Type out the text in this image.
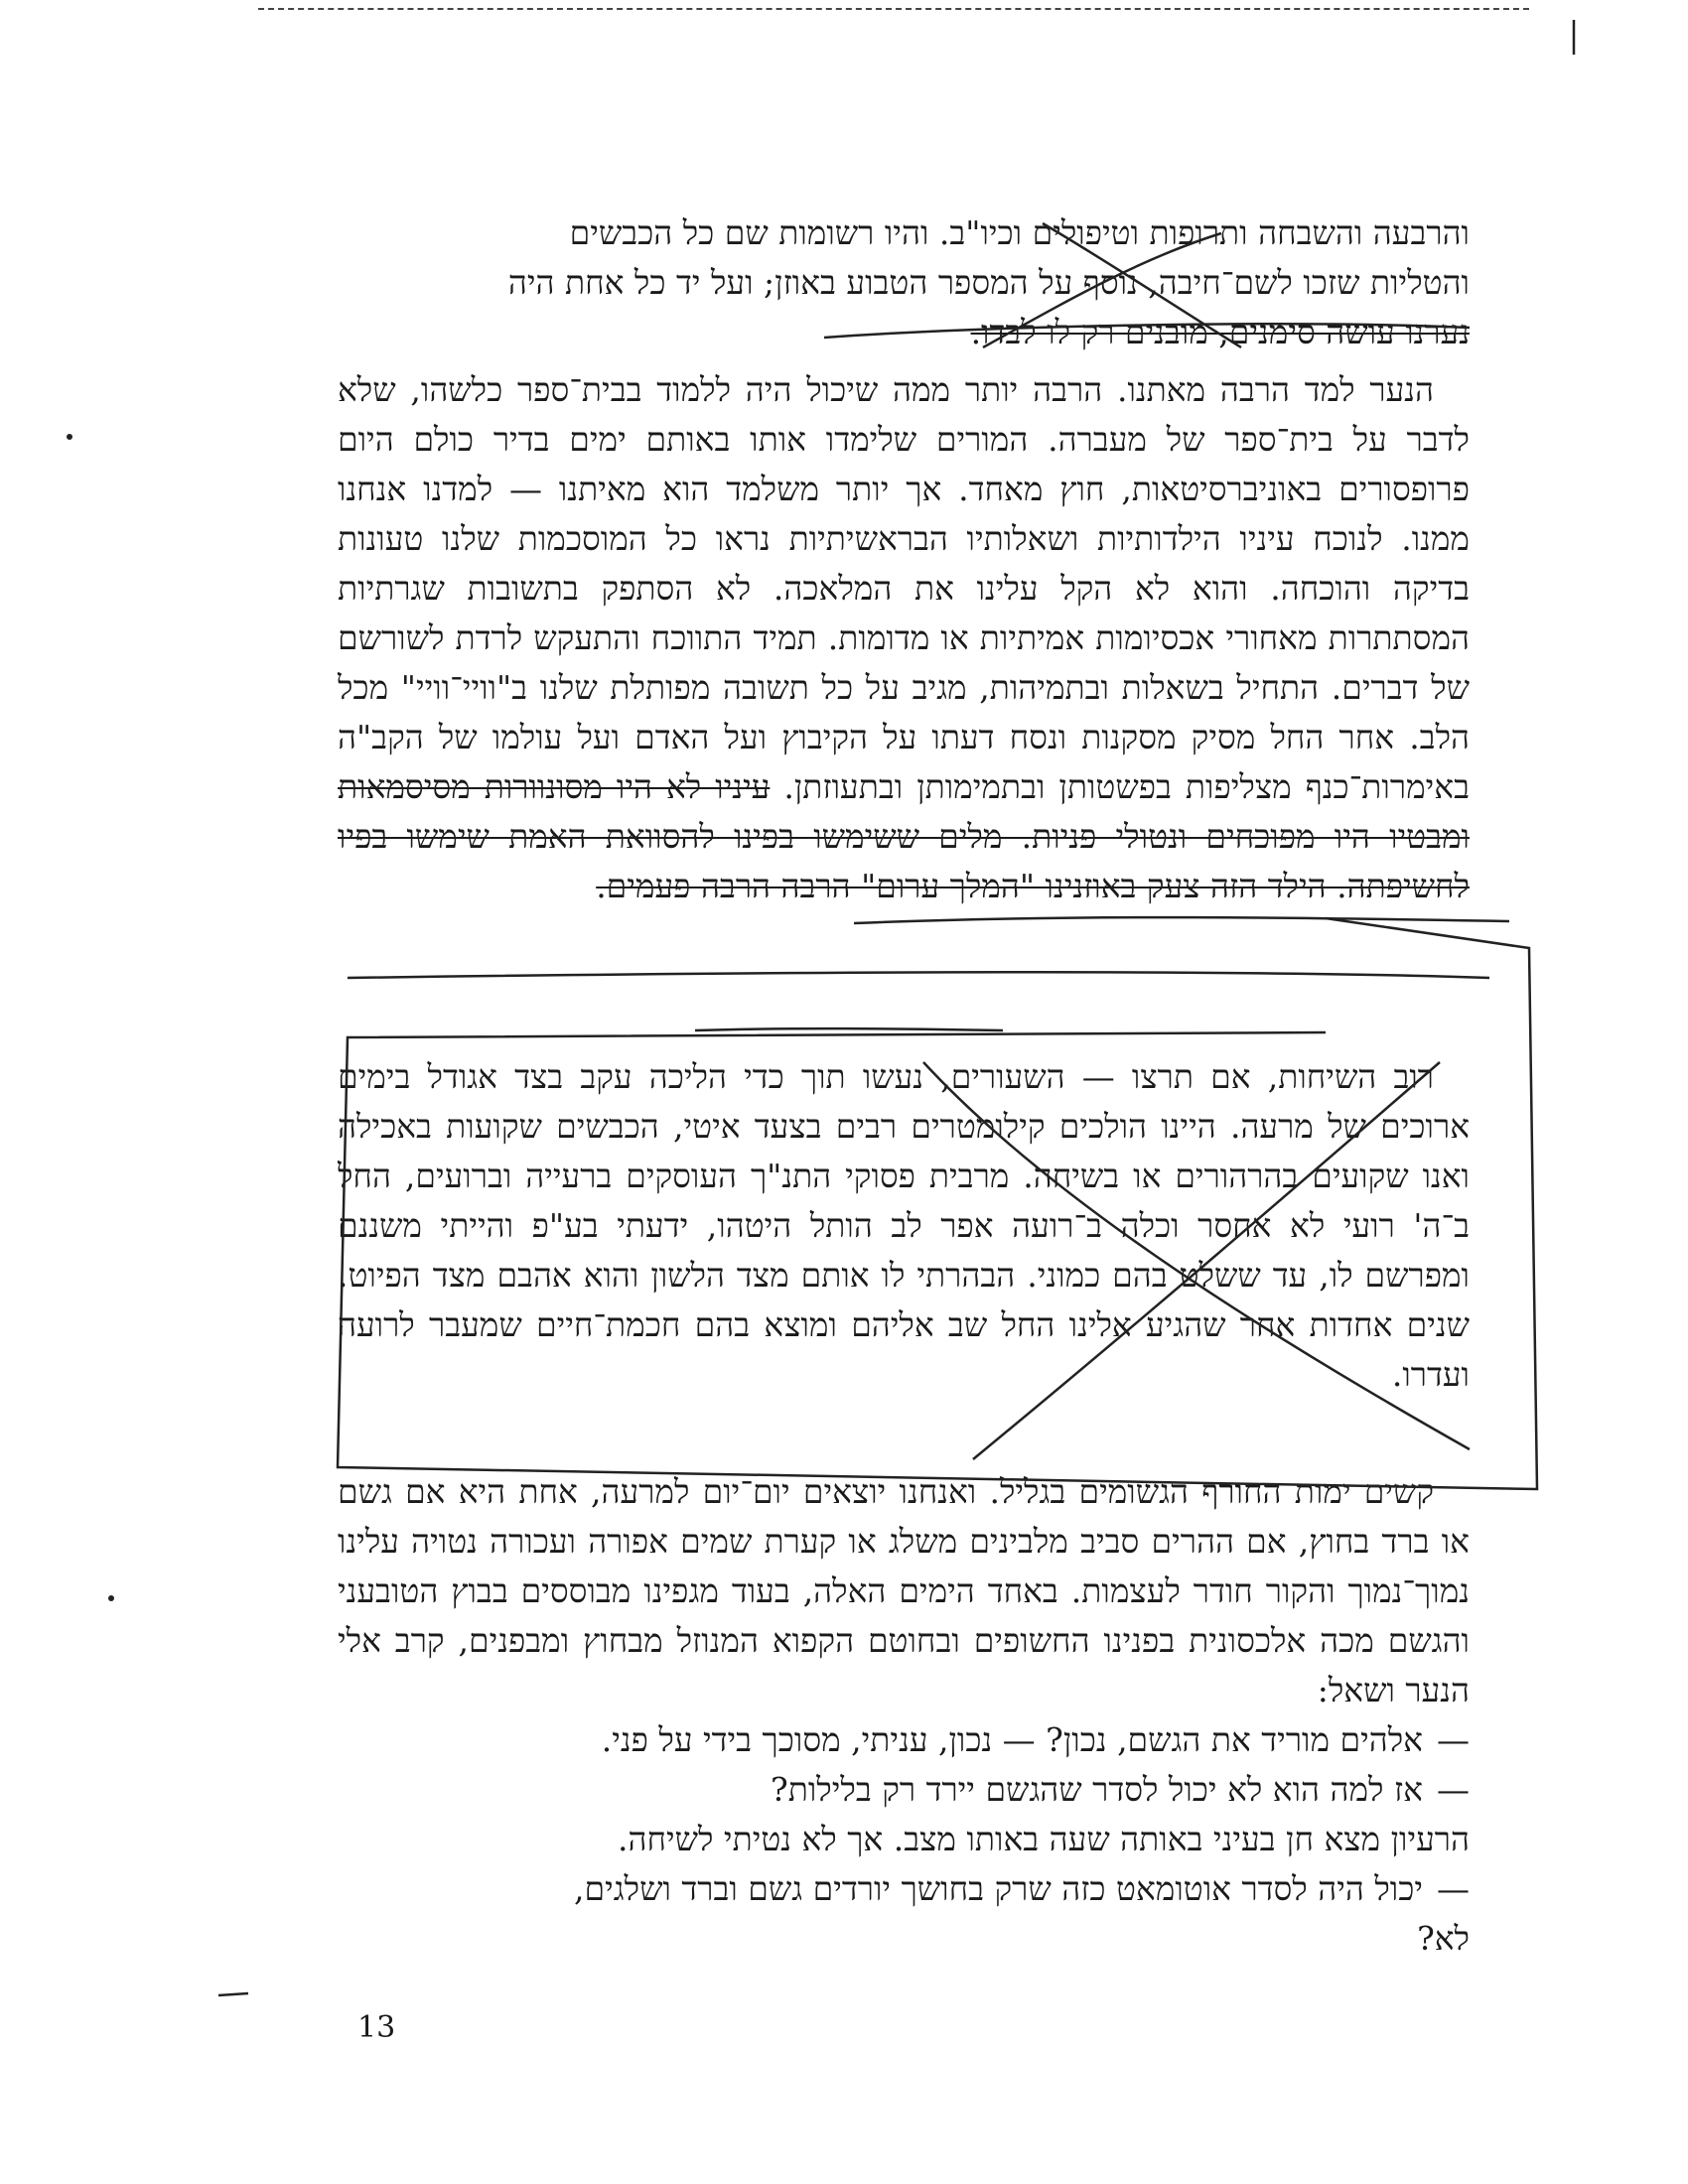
והרבעה והשבחה ותרופות וטיפולים וכיו"ב. והיו רשומות שם כל הכבשים
והטליות שזכו לשם־חיבה, נוסף על המספר הטבוע באוזן; ועל יד כל אחת היה
נערנו עושה סימנים, מובנים רק לו לבדו.

הנער למד הרבה מאתנו. הרבה יותר ממה שיכול היה ללמוד בבית־ספר כלשהו, שלא לדבר על בית־ספר של מעברה. המורים שלימדו אותו באותם ימים בדיר כולם היום פרופסורים באוניברסיטאות, חוץ מאחד. אך יותר משלמד הוא מאיתנו — למדנו אנחנו ממנו. לנוכח עיניו הילדותיות ושאלותיו הבראשיתיות נראו כל המוסכמות שלנו טעונות בדיקה והוכחה. והוא לא הקל עלינו את המלאכה. לא הסתפק בתשובות שגרתיות המסתתרות מאחורי אכסיומות אמיתיות או מדומות. תמיד התווכח והתעקש לרדת לשורשם של דברים. התחיל בשאלות ובתמיהות, מגיב על כל תשובה מפותלת שלנו ב"וויי־וויי" מכל הלב. אחר החל מסיק מסקנות ונסח דעתו על הקיבוץ ועל האדם ועל עולמו של הקב"ה באימרות־כנף מצליפות בפשטותן ובתמימותן ובתעוזתן. עיניו לא היו מסונוורות מסיסמאות ומבטיו היו מפוכחים ונטולי פניות. מלים ששימשו בפינו להסוואת האמת שימשו בפיו לחשיפתה. הילד הזה צעק באוזנינו "המלך ערום" הרבה הרבה פעמים.

רוב השיחות, אם תרצו — השעורים, נעשו תוך כדי הליכה עקב בצד אגודל בימים ארוכים של מרעה. היינו הולכים קילומטרים רבים בצעד איטי, הכבשים שקועות באכילה ואנו שקועים בהרהורים או בשיחה. מרבית פסוקי התנ"ך העוסקים ברעייה וברועים, החל ב־ה' רועי לא אחסר וכלה ב־רועה אפר לב הותל היטהו, ידעתי בע"פ והייתי משננם ומפרשם לו, עד ששלט בהם כמוני. הבהרתי לו אותם מצד הלשון והוא אהבם מצד הפיוט. שנים אחדות אחר שהגיע אלינו החל שב אליהם ומוצא בהם חכמת־חיים שמעבר לרועה ועדרו.

קשים ימות החורף הגשומים בגליל. ואנחנו יוצאים יום־יום למרעה, אחת היא אם גשם או ברד בחוץ, אם ההרים סביב מלבינים משלג או קערת שמים אפורה ועכורה נטויה עלינו נמוך־נמוך והקור חודר לעצמות. באחד הימים האלה, בעוד מגפינו מבוססים בבוץ הטובעני והגשם מכה אלכסונית בפנינו החשופים ובחוטם הקפוא המנוזל מבחוץ ומבפנים, קרב אלי הנער ושאל:

—אלהים מוריד את הגשם, נכון? — נכון, עניתי, מסוכך בידי על פני.

—אז למה הוא לא יכול לסדר שהגשם יירד רק בלילות?

הרעיון מצא חן בעיני באותה שעה באותו מצב. אך לא נטיתי לשיחה.

—יכול היה לסדר אוטומאט כזה שרק בחושך יורדים גשם וברד ושלגים,

לא?

13
